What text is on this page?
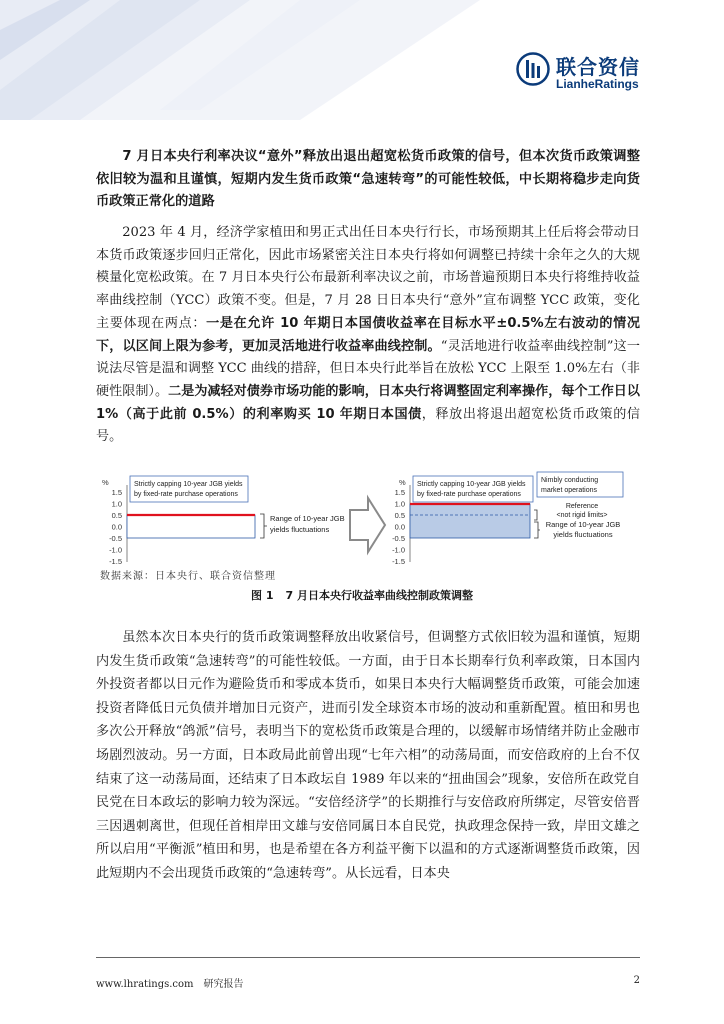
联合资信
LianheRatings
7 月日本央行利率决议“意外”释放出退出超宽松货币政策的信号，但本次货币政策调整依旧较为温和且谨慎，短期内发生货币政策“急速转弯”的可能性较低，中长期将稳步走向货币政策正常化的道路
2023 年 4 月，经济学家植田和男正式出任日本央行行长，市场预期其上任后将会带动日本货币政策逐步回归正常化，因此市场紧密关注日本央行将如何调整已持续十余年之久的大规模量化宽松政策。在 7 月日本央行公布最新利率决议之前，市场普遍预期日本央行将维持收益率曲线控制（YCC）政策不变。但是，7 月 28 日日本央行“意外”宣布调整 YCC 政策，变化主要体现在两点：一是在允许 10 年期日本国债收益率在目标水平±0.5%左右波动的情况下，以区间上限为参考，更加灵活地进行收益率曲线控制。“灵活地进行收益率曲线控制”这一说法尽管是温和调整 YCC 曲线的措辞，但日本央行此举旨在放松 YCC 上限至 1.0%左右（非硬性限制）。二是为减轻对债券市场功能的影响，日本央行将调整固定利率操作，每个工作日以 1%（高于此前 0.5%）的利率购买 10 年期日本国债，释放出将退出超宽松货币政策的信号。
%
1.5
1.0
0.5
0.0
-0.5
-1.0
-1.5
Strictly capping 10-year JGB yields
by fixed-rate purchase operations
Range of 10-year JGB
yields fluctuations
%
1.5
1.0
0.5
0.0
-0.5
-1.0
-1.5
Strictly capping 10-year JGB yields
by fixed-rate purchase operations
Nimbly conducting
market operations
Reference
<not rigid limits>
Range of 10-year JGB
yields fluctuations
数据来源：日本央行、联合资信整理
图 1 7 月日本央行收益率曲线控制政策调整
虽然本次日本央行的货币政策调整释放出收紧信号，但调整方式依旧较为温和谨慎，短期内发生货币政策“急速转弯”的可能性较低。一方面，由于日本长期奉行负利率政策，日本国内外投资者都以日元作为避险货币和零成本货币，如果日本央行大幅调整货币政策，可能会加速投资者降低日元负债并增加日元资产，进而引发全球资本市场的波动和重新配置。植田和男也多次公开释放“鸽派”信号，表明当下的宽松货币政策是合理的，以缓解市场情绪并防止金融市场剧烈波动。另一方面，日本政局此前曾出现“七年六相”的动荡局面，而安倍政府的上台不仅结束了这一动荡局面，还结束了日本政坛自 1989 年以来的“扭曲国会”现象，安倍所在政党自民党在日本政坛的影响力较为深远。“安倍经济学”的长期推行与安倍政府所绑定，尽管安倍晋三因遇刺离世，但现任首相岸田文雄与安倍同属日本自民党，执政理念保持一致，岸田文雄之所以启用“平衡派”植田和男，也是希望在各方利益平衡下以温和的方式逐渐调整货币政策，因此短期内不会出现货币政策的“急速转弯”。从长远看，日本央
www.lhratings.com 研究报告	2
